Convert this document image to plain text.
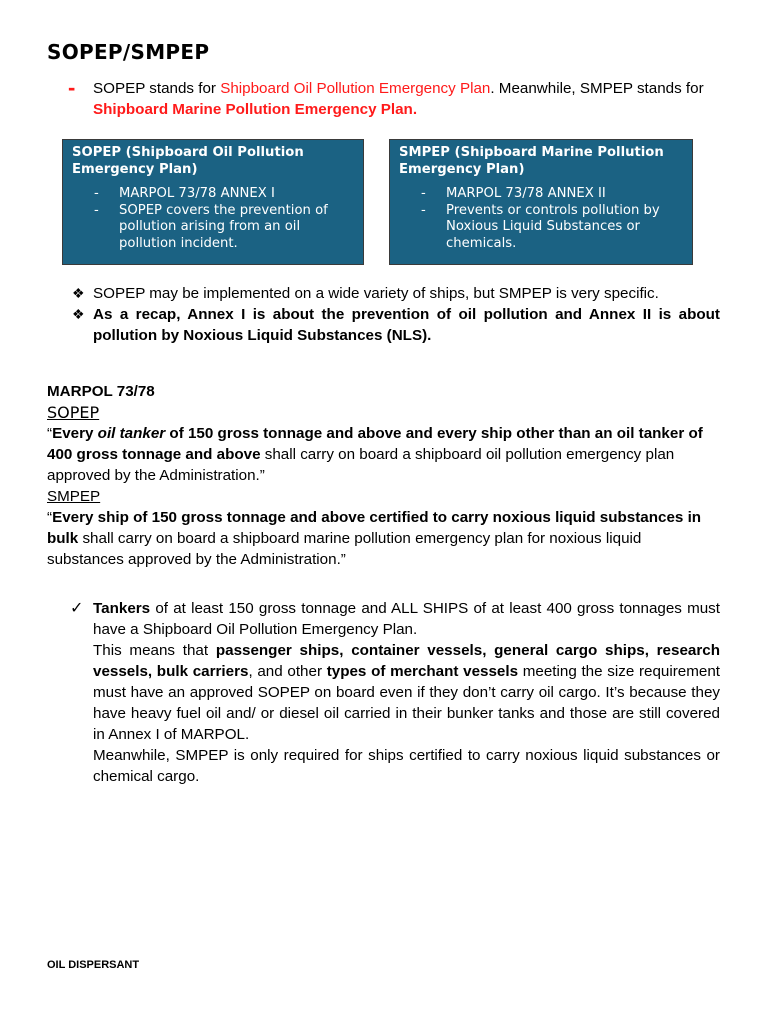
SOPEP/SMPEP
- SOPEP stands for Shipboard Oil Pollution Emergency Plan. Meanwhile, SMPEP stands for Shipboard Marine Pollution Emergency Plan.
SOPEP (Shipboard Oil Pollution Emergency Plan)
- MARPOL 73/78 ANNEX I
- SOPEP covers the prevention of pollution arising from an oil pollution incident.
SMPEP (Shipboard Marine Pollution Emergency Plan)
- MARPOL 73/78 ANNEX II
- Prevents or controls pollution by Noxious Liquid Substances or chemicals.
❖ SOPEP may be implemented on a wide variety of ships, but SMPEP is very specific.
❖ As a recap, Annex I is about the prevention of oil pollution and Annex II is about pollution by Noxious Liquid Substances (NLS).
MARPOL 73/78
SOPEP
“Every oil tanker of 150 gross tonnage and above and every ship other than an oil tanker of 400 gross tonnage and above shall carry on board a shipboard oil pollution emergency plan approved by the Administration.”
SMPEP
“Every ship of 150 gross tonnage and above certified to carry noxious liquid substances in bulk shall carry on board a shipboard marine pollution emergency plan for noxious liquid substances approved by the Administration.”
✓ Tankers of at least 150 gross tonnage and ALL SHIPS of at least 400 gross tonnages must have a Shipboard Oil Pollution Emergency Plan.
This means that passenger ships, container vessels, general cargo ships, research vessels, bulk carriers, and other types of merchant vessels meeting the size requirement must have an approved SOPEP on board even if they don’t carry oil cargo. It’s because they have heavy fuel oil and/ or diesel oil carried in their bunker tanks and those are still covered in Annex I of MARPOL.
Meanwhile, SMPEP is only required for ships certified to carry noxious liquid substances or chemical cargo.
OIL DISPERSANT
